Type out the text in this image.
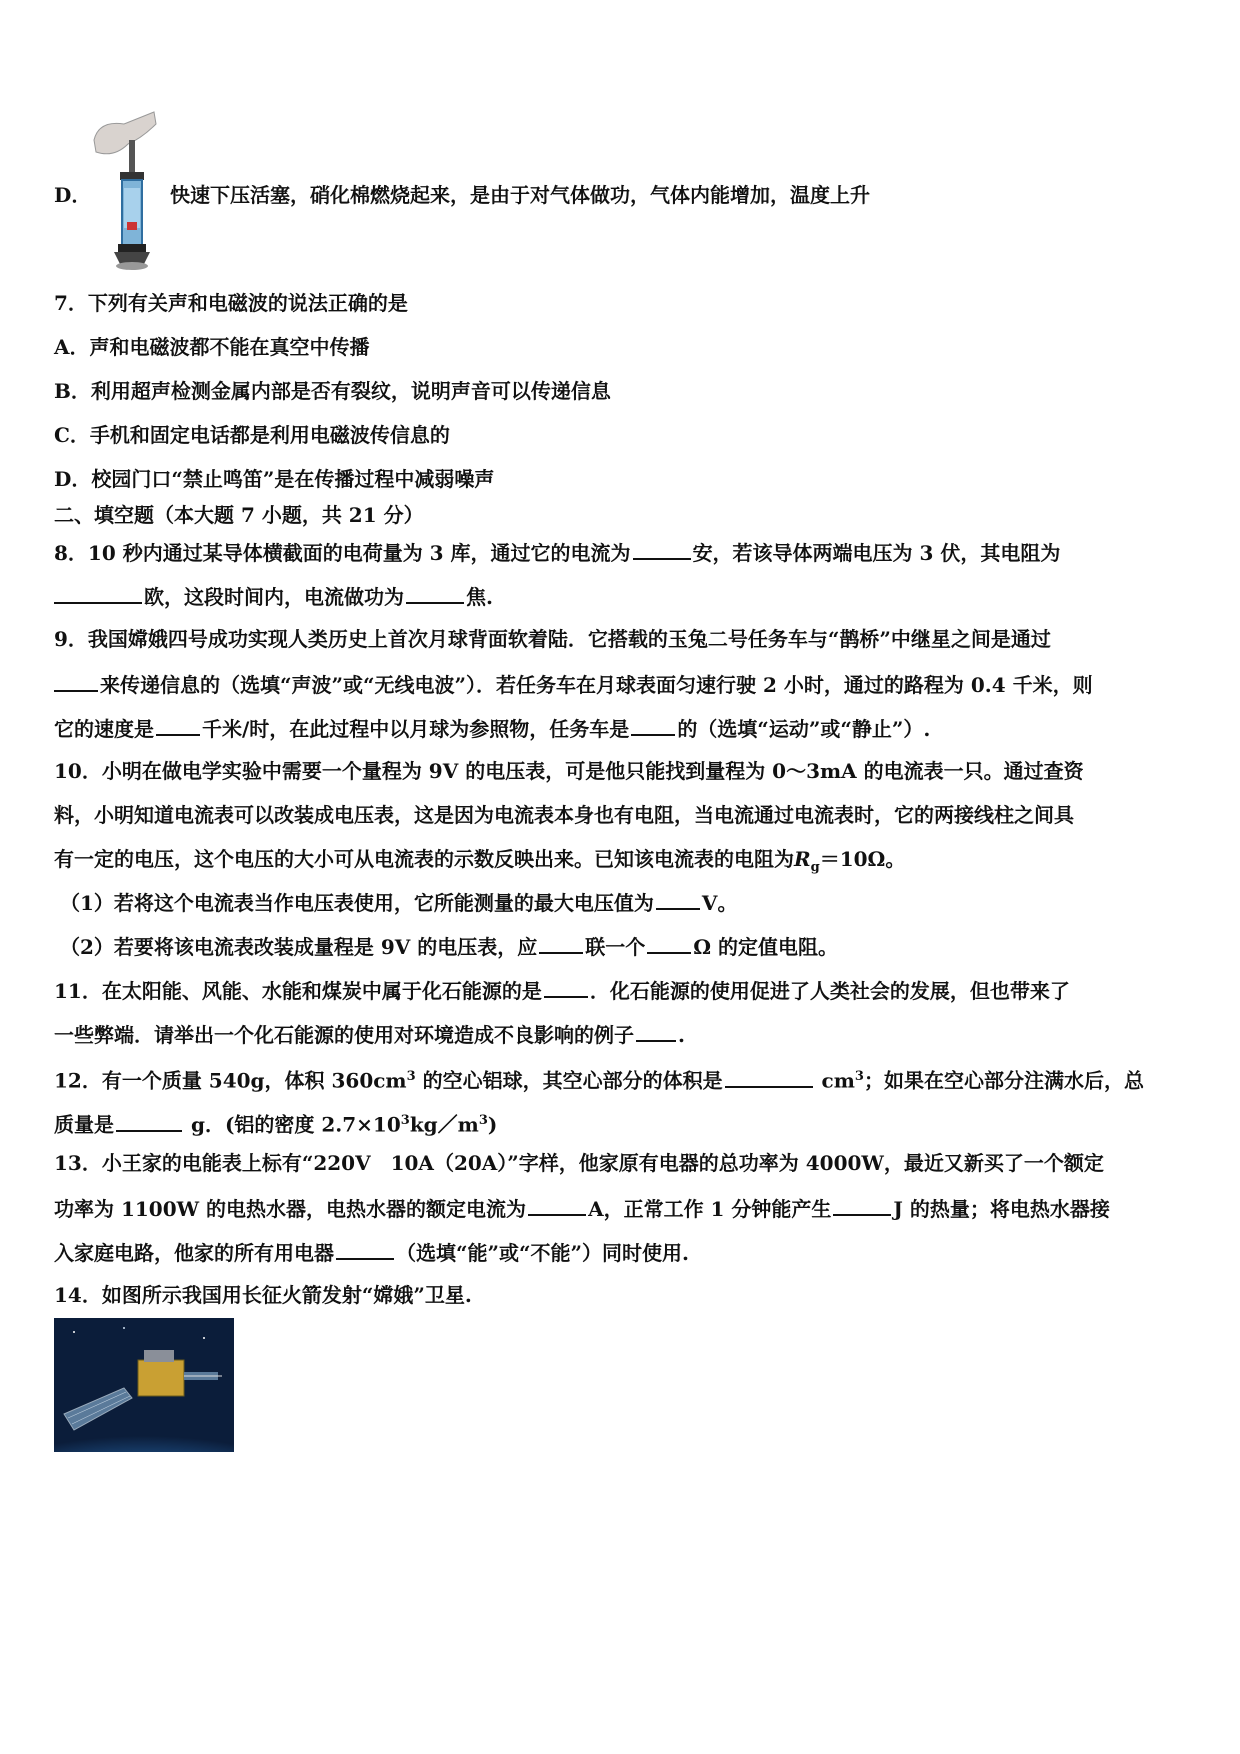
D．	快速下压活塞，硝化棉燃烧起来，是由于对气体做功，气体内能增加，温度上升
7．下列有关声和电磁波的说法正确的是
A．声和电磁波都不能在真空中传播
B．利用超声检测金属内部是否有裂纹，说明声音可以传递信息
C．手机和固定电话都是利用电磁波传信息的
D．校园门口“禁止鸣笛”是在传播过程中减弱噪声
二、填空题（本大题 7 小题，共 21 分）
8．10 秒内通过某导体横截面的电荷量为 3 库，通过它的电流为	安，若该导体两端电压为 3 伏，其电阻为
欧，这段时间内，电流做功为	焦.
9．我国嫦娥四号成功实现人类历史上首次月球背面软着陆．它搭载的玉兔二号任务车与“鹊桥”中继星之间是通过
来传递信息的（选填“声波”或“无线电波”）．若任务车在月球表面匀速行驶 2 小时，通过的路程为 0.4 千米，则
它的速度是 千米/时，在此过程中以月球为参照物，任务车是 的（选填“运动”或“静止”）.
10．小明在做电学实验中需要一个量程为 9V 的电压表，可是他只能找到量程为 0～3mA 的电流表一只。通过查资
料，小明知道电流表可以改装成电压表，这是因为电流表本身也有电阻，当电流通过电流表时，它的两接线柱之间具
有一定的电压，这个电压的大小可从电流表的示数反映出来。已知该电流表的电阻为$R_g=10\Omega$。
（1）若将这个电流表当作电压表使用，它所能测量的最大电压值为 V。
（2）若要将该电流表改装成量程是 9V 的电压表，应 联一个 Ω 的定值电阻。
11．在太阳能、风能、水能和煤炭中属于化石能源的是 ．化石能源的使用促进了人类社会的发展，但也带来了
一些弊端．请举出一个化石能源的使用对环境造成不良影响的例子 .
12．有一个质量 540g，体积 $360cm^3$ 的空心铝球，其空心部分的体积是	$cm^3$；如果在空心部分注满水后，总
质量是	g．(铝的密度 $2.7\times 10^3kg/m^3$)
13．小王家的电能表上标有“220V　10A（20A）”字样，他家原有电器的总功率为 4000W，最近又新买了一个额定
功率为 1100W 的电热水器，电热水器的额定电流为	A，正常工作 1 分钟能产生	J 的热量；将电热水器接
入家庭电路，他家的所有用电器	（选填“能”或“不能”）同时使用.
14．如图所示我国用长征火箭发射“嫦娥”卫星.
